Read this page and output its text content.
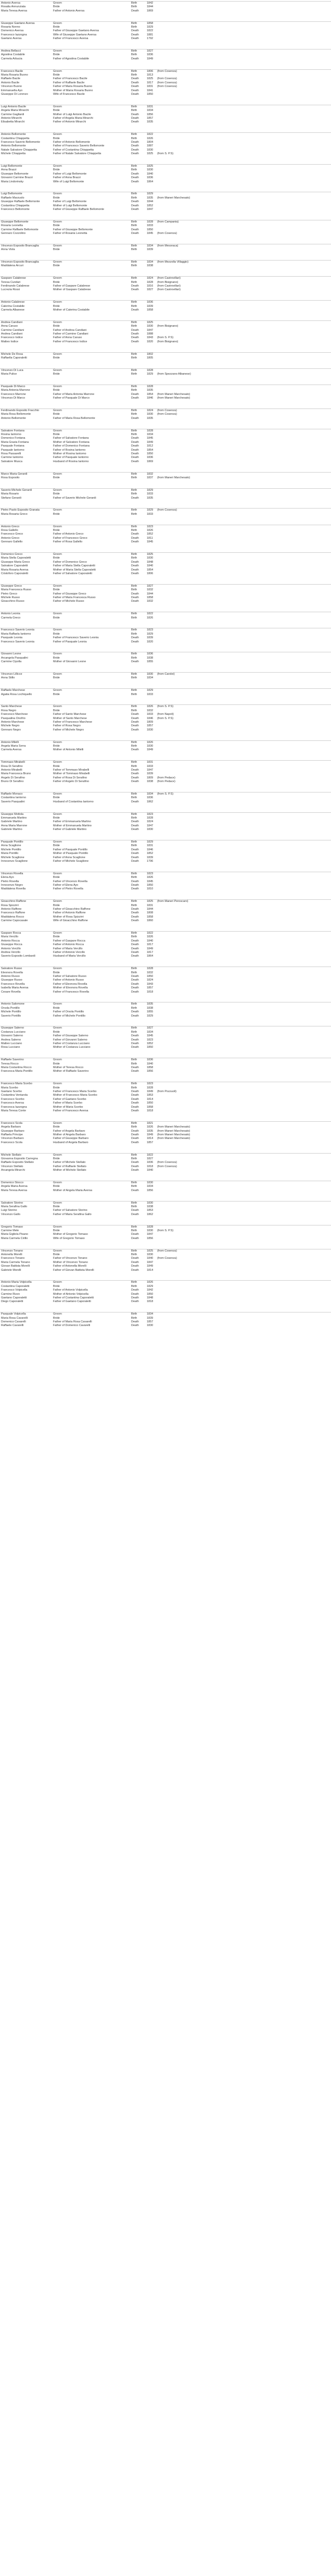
Antonio Aversa	Groom	Birth	1842
Rosalia Annunziata	Bride	Birth	1844
Maria Teresa Aversa	Father of Antonio Aversa	Death	1869
Giuseppe Gaetano Aversa	Groom	Birth	1858
Rosaria Nonno	Bride	Birth	1829
Domenico Aversa	Father of Giuseppe Gaetano Aversa	Death	1822
Francesco Iazzogna	Wife of Giuseppe Gaetano Aversa	Death	1881
Gaetano Aversa	Father of Francesco Aversa	Death	1792
Andrea Bellacci	Groom	Birth	1827
Agostina Costabile	Bride	Birth	1836
Carmela Arbucia	Father of Agostina Costabile	Death	1849
Francesco Bacile	Groom	Birth	1806	(from Cosenza)
Maria Rosaria Buono	Bride	Birth	1813
Raffaele Bacile	Father of Francesco Bacile	Death	1825	(from Cosenza)
Antonio Bacile	Father of Raffaele Bacile	Death	1817	(from Cosenza)
Vincenzo Buono	Father of Maria Rosaria Buono	Death	1831	(from Cosenza)
Emmanuella Ayo	Mother of Maria Rosaria Buono	Death	1841
Giuseppe Di Lorenzo	Wife of Francesco Bacile	Death	1850
Luigi Antonio Bacile	Groom	Birth	1831
Angela Maria Mirarchi	Bride	Birth	1834
Carmine Gagliardi	Mother of Luigi Antonio Bacile	Death	1856
Antonio Mirarchi	Father of Angela Maria Mirarchi	Death	1857
Elisabetta Mirarchi	Father of Antonio Mirarchi	Death	1835
Antonio Bellomonte	Groom	Birth	1822
Costantina Chiappetta	Bride	Birth	1826
Francesco Saverio Bellomonte	Father of Antonio Bellomonte	Death	1804
Antonio Bellomonte	Father of Francesco Saverio Bellomonte	Death	1887
Natale Salvatore Chiappetta	Father of Costantina Chiappetta	Death	1830
Michele Chiappetta	Father of Natale Salvatore Chiappetta	Death	1825	(from S. P.S)
Luigi Bellomonte	Groom	Birth	1825
Anna Brazzi	Bride	Birth	1830
Giuseppe Bellomonte	Father of Luigi Bellomonte	Death	1840
Giovanni Carmine Brazzi	Father of Anna Brazzi	Death	1836
Maria Lindorinsky	Wife of Luigi Bellomonte	Death	1864
Luigi Bellomonte	Groom	Birth	1829
Raffaele Marzuolo	Bride	Birth	1835	(from Maneri Marchesato)
Giuseppe Raffaele Bellomonte	Father of Luigi Bellomonte	Death	1844
Costantina Chiappetta	Mother of Luigi Bellomonte	Death	1852
Francesco Bellomonte	Father of Giuseppe Raffaele Bellomonte	Death	1847
Giuseppe Bellomonte	Groom	Birth	1828	(from Campania)
Rosaria Leonetta	Bride	Birth	1833
Carmine Raffaele Bellomonte	Father of Giuseppe Bellomonte	Death	1850
Gennaro Cozzolino	Father of Rosaria Leonetta	Death	1845	(from Cosenza)
Vincenzo Esposito Brancaglia	Groom	Birth	1834	(from Mesoraca)
Anna Viola	Bride	Birth	1839
Vincenzo Esposito Brancaglia	Groom	Birth	1834	(from Mezzolla Villaggio)
Maddalena Arcuri	Bride	Birth	1838
Gaspare Calabrese	Groom	Birth	1824	(from Castrovillari)
Teresa Cundari	Bride	Birth	1828	(from Bisignano)
Ferdinando Calabrese	Father of Gaspare Calabrese	Death	1816	(from Castrovillari)
Lucrezia Rossi	Mother of Gaspare Calabrese	Death	1827	(from Castrovillari)
Antonio Calabrese	Groom	Birth	1836
Caterina Costabile	Bride	Birth	1839
Carmela Albanese	Mother of Caterina Costabile	Death	1858
Andrea Candiani	Groom	Birth	1825
Anna Caruso	Bride	Birth	1830	(from Bisignano)
Carmine Candiani	Father of Andrea Candiani	Death	1847
Andrea Candiani	Father of Carmine Candiani	Death	1888
Francesco Iodice	Father of Anna Caruso	Death	1843	(from S. P.S)
Matteo Iodice	Father of Francesco Iodice	Death	1820	(from Bisignano)
Michele De Rosa	Groom	Birth	1802
Raffaella Caporaletti	Bride	Birth	1805
Vincenzo Di Luca	Groom	Birth	1828
Maria Pulice	Bride	Birth	1829	(from Spezzano Albanese)
Pasquale Di Marco	Groom	Birth	1828
Maria Antonia Marrone	Bride	Birth	1835
Francesco Marrone	Father of Maria Antonia Marrone	Death	1854	(from Maneri Marchesato)
Vincenzo Di Marco	Father of Pasquale Di Marco	Death	1846	(from Maneri Marchesato)
Ferdinando Esposito Fracchio	Groom	Birth	1824	(from Cosenza)
Maria Rosa Bellomonte	Bride	Birth	1830	(from Cosenza)
Antonio Bellomonte	Father of Maria Rosa Bellomonte	Death	1835
Salvatore Fontana	Groom	Birth	1828
Rosina Iantorno	Bride	Birth	1834
Domenico Fontana	Father of Salvatore Fontana	Death	1845
Maria Grazia Fontana	Mother of Salvatore Fontana	Death	1849
Pasquale Fontana	Father of Domenico Fontana	Death	1812
Pasquale Iantorno	Father of Rosina Iantorno	Death	1854
Rosa Passarelli	Mother of Rosina Iantorno	Death	1850
Carmine Iantorno	Father of Pasquale Iantorno	Death	1836
Salvatore Musca	Husband of Rosina Iantorno	Death	1869
Marco Maria Gerardi	Groom	Birth	1832
Rosa Esposito	Bride	Birth	1837	(from Maneri Marchesato)
Saverio Michele Gerardi	Groom	Birth	1829
Maria Rosario	Bride	Birth	1833
Stefano Gerardi	Father of Saverio Michele Gerardi	Death	1835
Pietro Paolo Esposito Granata	Groom	Birth	1829	(from Cosenza)
Maria Rosaria Greco	Bride	Birth	1833
Antonio Greco	Groom	Birth	1823
Rosa Gallello	Bride	Birth	1826
Francesco Greco	Father of Antonio Greco	Death	1852
Antonio Greco	Father of Francesco Greco	Death	1811
Gennaro Gallello	Father of Rosa Gallello	Death	1845
Domenico Greco	Groom	Birth	1825
Maria Stella Caporaletti	Bride	Birth	1830
Giuseppe Maria Greco	Father of Domenico Greco	Death	1848
Salvatore Caporaletti	Father of Maria Stella Caporaletti	Death	1840
Maria Rosaria Aversa	Mother of Maria Stella Caporaletti	Death	1854
Cristoforo Caporaletti	Father of Salvatore Caporaletti	Death	1806
Giuseppe Greco	Groom	Birth	1827
Maria Francesca Russo	Bride	Birth	1832
Pietro Greco	Father of Giuseppe Greco	Death	1844
Michele Russo	Father of Maria Francesca Russo	Death	1858
Gioacchino Russo	Father of Michele Russo	Death	1832
Antonio Leonia	Groom	Birth	1822
Carmela Greco	Bride	Birth	1826
Francesco Saverio Leonia	Groom	Birth	1823
Maria Raffaela Iantorno	Bride	Birth	1829
Pasquale Leonia	Father of Francesco Saverio Leonia	Death	1839
Francesco Saverio Leonia	Father of Pasquale Leonia	Death	1820
Giovanni Leone	Groom	Birth	1836
Arcangela Pasqualini	Bride	Birth	1838
Carmine Cipolla	Mother of Giovanni Leone	Death	1855
Vincenzo Lillicce	Groom	Birth	1830	(from Carolei)
Anna Stillo	Bride	Birth	1834
Raffaele Marchese	Groom	Birth	1829
Agatia Rosa Lochiquello	Bride	Birth	1833
Santo Marchese	Groom	Birth	1826	(from S. P.S)
Rosa Negro	Bride	Birth	1832
Francesco Marchese	Father of Santo Marchese	Death	1833	(from Napoli)
Pasqualina Onofrio	Mother of Santo Marchese	Death	1846	(from S. P.S)
Antonio Marchese	Father of Francesco Marchese	Death	1809
Michele Negro	Father of Rosa Negro	Death	1857
Gennaro Negro	Father of Michele Negro	Death	1830
Antonio Milelli	Groom	Birth	1826
Angela Maria Serra	Bride	Birth	1830
Carmela Aversa	Mother of Antonio Milelli	Death	1849
Tommaso Mirabelli	Groom	Birth	1831
Rosa Di Serafino	Bride	Birth	1833
Antonio Mirabelli	Father of Tommaso Mirabelli	Death	1847
Maria Francesca Bruno	Mother of Tommaso Mirabelli	Death	1839
Angelo Di Serafino	Father of Rosa Di Serafino	Death	1809	(from Pedace)
Bruno Di Serafino	Father of Angelo Di Serafino	Death	1838	(from Pedace)
Raffaele Monaco	Groom	Birth	1834	(from S. P.S)
Costantina Iantorno	Bride	Birth	1836
Saverio Pasqualini	Husband of Costantina Iantorno	Death	1862
Giuseppe Mottola	Groom	Birth	1823
Emmanuela Martino	Bride	Birth	1828
Gabriele Martino	Father of Emmanuela Martino	Death	1824
Anna Maria Marrone	Mother of Emmanuela Martino	Death	1847
Gabriele Martino	Father of Gabriele Martino	Death	1830
Pasquale Pontillo	Groom	Birth	1829
Anna Scaglione	Bride	Birth	1831
Michele Pontillo	Father of Pasquale Pontillo	Death	1846
Maria Pontillo	Mother of Pasquale Pontillo	Death	1852
Michele Scaglione	Father of Anna Scaglione	Death	1839
Innocenzo Scaglione	Father of Michele Scaglione	Death	1796
Vincenzo Rovella	Groom	Birth	1823
Elena Ayo	Bride	Birth	1826
Pietro Rovella	Father of Vincenzo Rovella	Death	1845
Innocenzo Negro	Father of Elena Ayo	Death	1850
Maddalena Rovella	Father of Pietro Rovella	Death	1810
Gioacchino Raffone	Groom	Birth	1825	(from Maneri Peroscaro)
Rosa Spizzirri	Bride	Birth	1831
Antonio Raffone	Father of Gioacchino Raffone	Death	1844
Francesco Raffone	Father of Antonio Raffone	Death	1808
Maddalena Rocco	Mother of Rosa Spizzirri	Death	1858
Carmine Capocasale	Wife of Gioacchino Raffone	Death	1860
Gaspare Rocca	Groom	Birth	1822
Maria Vercillo	Bride	Birth	1826
Antonio Rocca	Father of Gaspare Rocca	Death	1840
Giuseppe Rocca	Father of Antonio Rocca	Death	1817
Antonio Vercillo	Father of Maria Vercillo	Death	1849
Andrea Vercillo	Father of Antonio Vercillo	Death	1817
Saverio Esposito Lombardi	Husband of Maria Vercillo	Death	1864
Salvatore Russo	Groom	Birth	1828
Eleonora Rovella	Bride	Birth	1832
Antonio Russo	Father of Salvatore Russo	Death	1850
Giuseppe Russo	Father of Antonio Russo	Death	1824
Francesco Rovella	Father of Eleonora Rovella	Death	1843
Isabella Maria Aversa	Mother of Eleonora Rovella	Death	1857
Cesare Rovella	Father of Francesco Rovella	Death	1818
Antonio Salomone	Groom	Birth	1835
Orsola Pontillo	Bride	Birth	1838
Michele Pontillo	Father of Orsola Pontillo	Death	1855
Saverio Pontillo	Father of Michele Pontillo	Death	1829
Giuseppe Salerno	Groom	Birth	1827
Costanza Lucciano	Bride	Birth	1834
Giovanni Salerno	Father of Giuseppe Salerno	Death	1845
Andrea Salerno	Father of Giovanni Salerno	Death	1823
Matteo Lucciano	Father of Costanza Lucciano	Death	1852
Rosa Lucciano	Mother of Costanza Lucciano	Death	1850
Raffaele Saverino	Groom	Birth	1836
Teresa Rocco	Bride	Birth	1840
Maria Costantina Rocco	Mother of Teresa Rocco	Death	1858
Francesca Maria Pontillo	Mother of Raffaele Saverino	Death	1856
Francesco Maria Scerbo	Groom	Birth	1823
Maria Scerbo	Bride	Birth	1828
Gaetano Scerbo	Father of Francesco Maria Scerbo	Death	1849	(from Pozzuoli)
Costantina Ventarola	Mother of Francesco Maria Scerbo	Death	1853
Francesco Scerbo	Father of Gaetano Scerbo	Death	1814
Francesco Aversa	Father of Maria Scerbo	Death	1850
Francesca Iazzogna	Mother of Maria Scerbo	Death	1858
Maria Teresa Conte	Father of Francesco Aversa	Death	1818
Francesco Scola	Groom	Birth	1821
Angela Barbaro	Bride	Birth	1826	(from Maneri Marchesato)
Giuseppe Barbaro	Father of Angela Barbaro	Death	1835	(from Maneri Marchesato)
Raffaela Principe	Mother of Angela Barbaro	Death	1849	(from Maneri Marchesato)
Vincenzo Barbaro	Father of Giuseppe Barbaro	Death	1814	(from Maneri Marchesato)
Francesco Scola	Husband of Angela Barbaro	Death	1857
Michele Stellato	Groom	Birth	1822
Giovanna Esposito Carregna	Bride	Birth	1827
Raffaele Esposito Stellato	Father of Michele Stellato	Death	1836	(from Cosenza)
Vincenzo Stellato	Father of Raffaele Stellato	Death	1818	(from Cosenza)
Arcangela Mirarchi	Mother of Michele Stellato	Death	1840
Domenico Stocco	Groom	Birth	1830
Angela Maria Aversa	Bride	Birth	1834
Maria Teresa Aversa	Mother of Angela Maria Aversa	Death	1856
Salvatore Storino	Groom	Birth	1830
Maria Serafina Gallo	Bride	Birth	1838
Luigi Storino	Father of Salvatore Storino	Death	1853
Vincenzo Gallo	Father of Maria Serafina Gallo	Death	1862
Gregorio Tomaso	Groom	Birth	1828
Carmine Mele	Bride	Birth	1830	(from S. P.S)
Maria Gigliola Pisano	Mother of Gregorio Tomaso	Death	1847
Maria Carmela Cirillo	Wife of Gregorio Tomaso	Death	1856
Vincenzo Tonano	Groom	Birth	1825	(from Cosenza)
Antonella Morelli	Bride	Birth	1830
Francesco Tonano	Father of Vincenzo Tonano	Death	1840	(from Cosenza)
Maria Carmela Tonano	Mother of Vincenzo Tonano	Death	1847
Giovan Battista Morelli	Father of Antonella Morelli	Death	1849
Gabriele Morelli	Father of Giovan Battista Morelli	Death	1814
Antonio Maria Volpicella	Groom	Birth	1826
Costantina Caporaletti	Bride	Birth	1829
Francesco Volpicella	Father of Antonio Volpicella	Death	1842
Carmine Rizzo	Mother of Antonio Volpicella	Death	1850
Gaetano Caporaletti	Father of Costantina Caporaletti	Death	1848
Diego Caporaletti	Father of Gaetano Caporaletti	Death	1818
Pasquale Volpicella	Groom	Birth	1834
Maria Rosa Cavarelli	Bride	Birth	1839
Domenico Cavarelli	Father of Maria Rosa Cavarelli	Death	1857
Raffaele Cavarelli	Father of Domenico Cavarelli	Death	1830
